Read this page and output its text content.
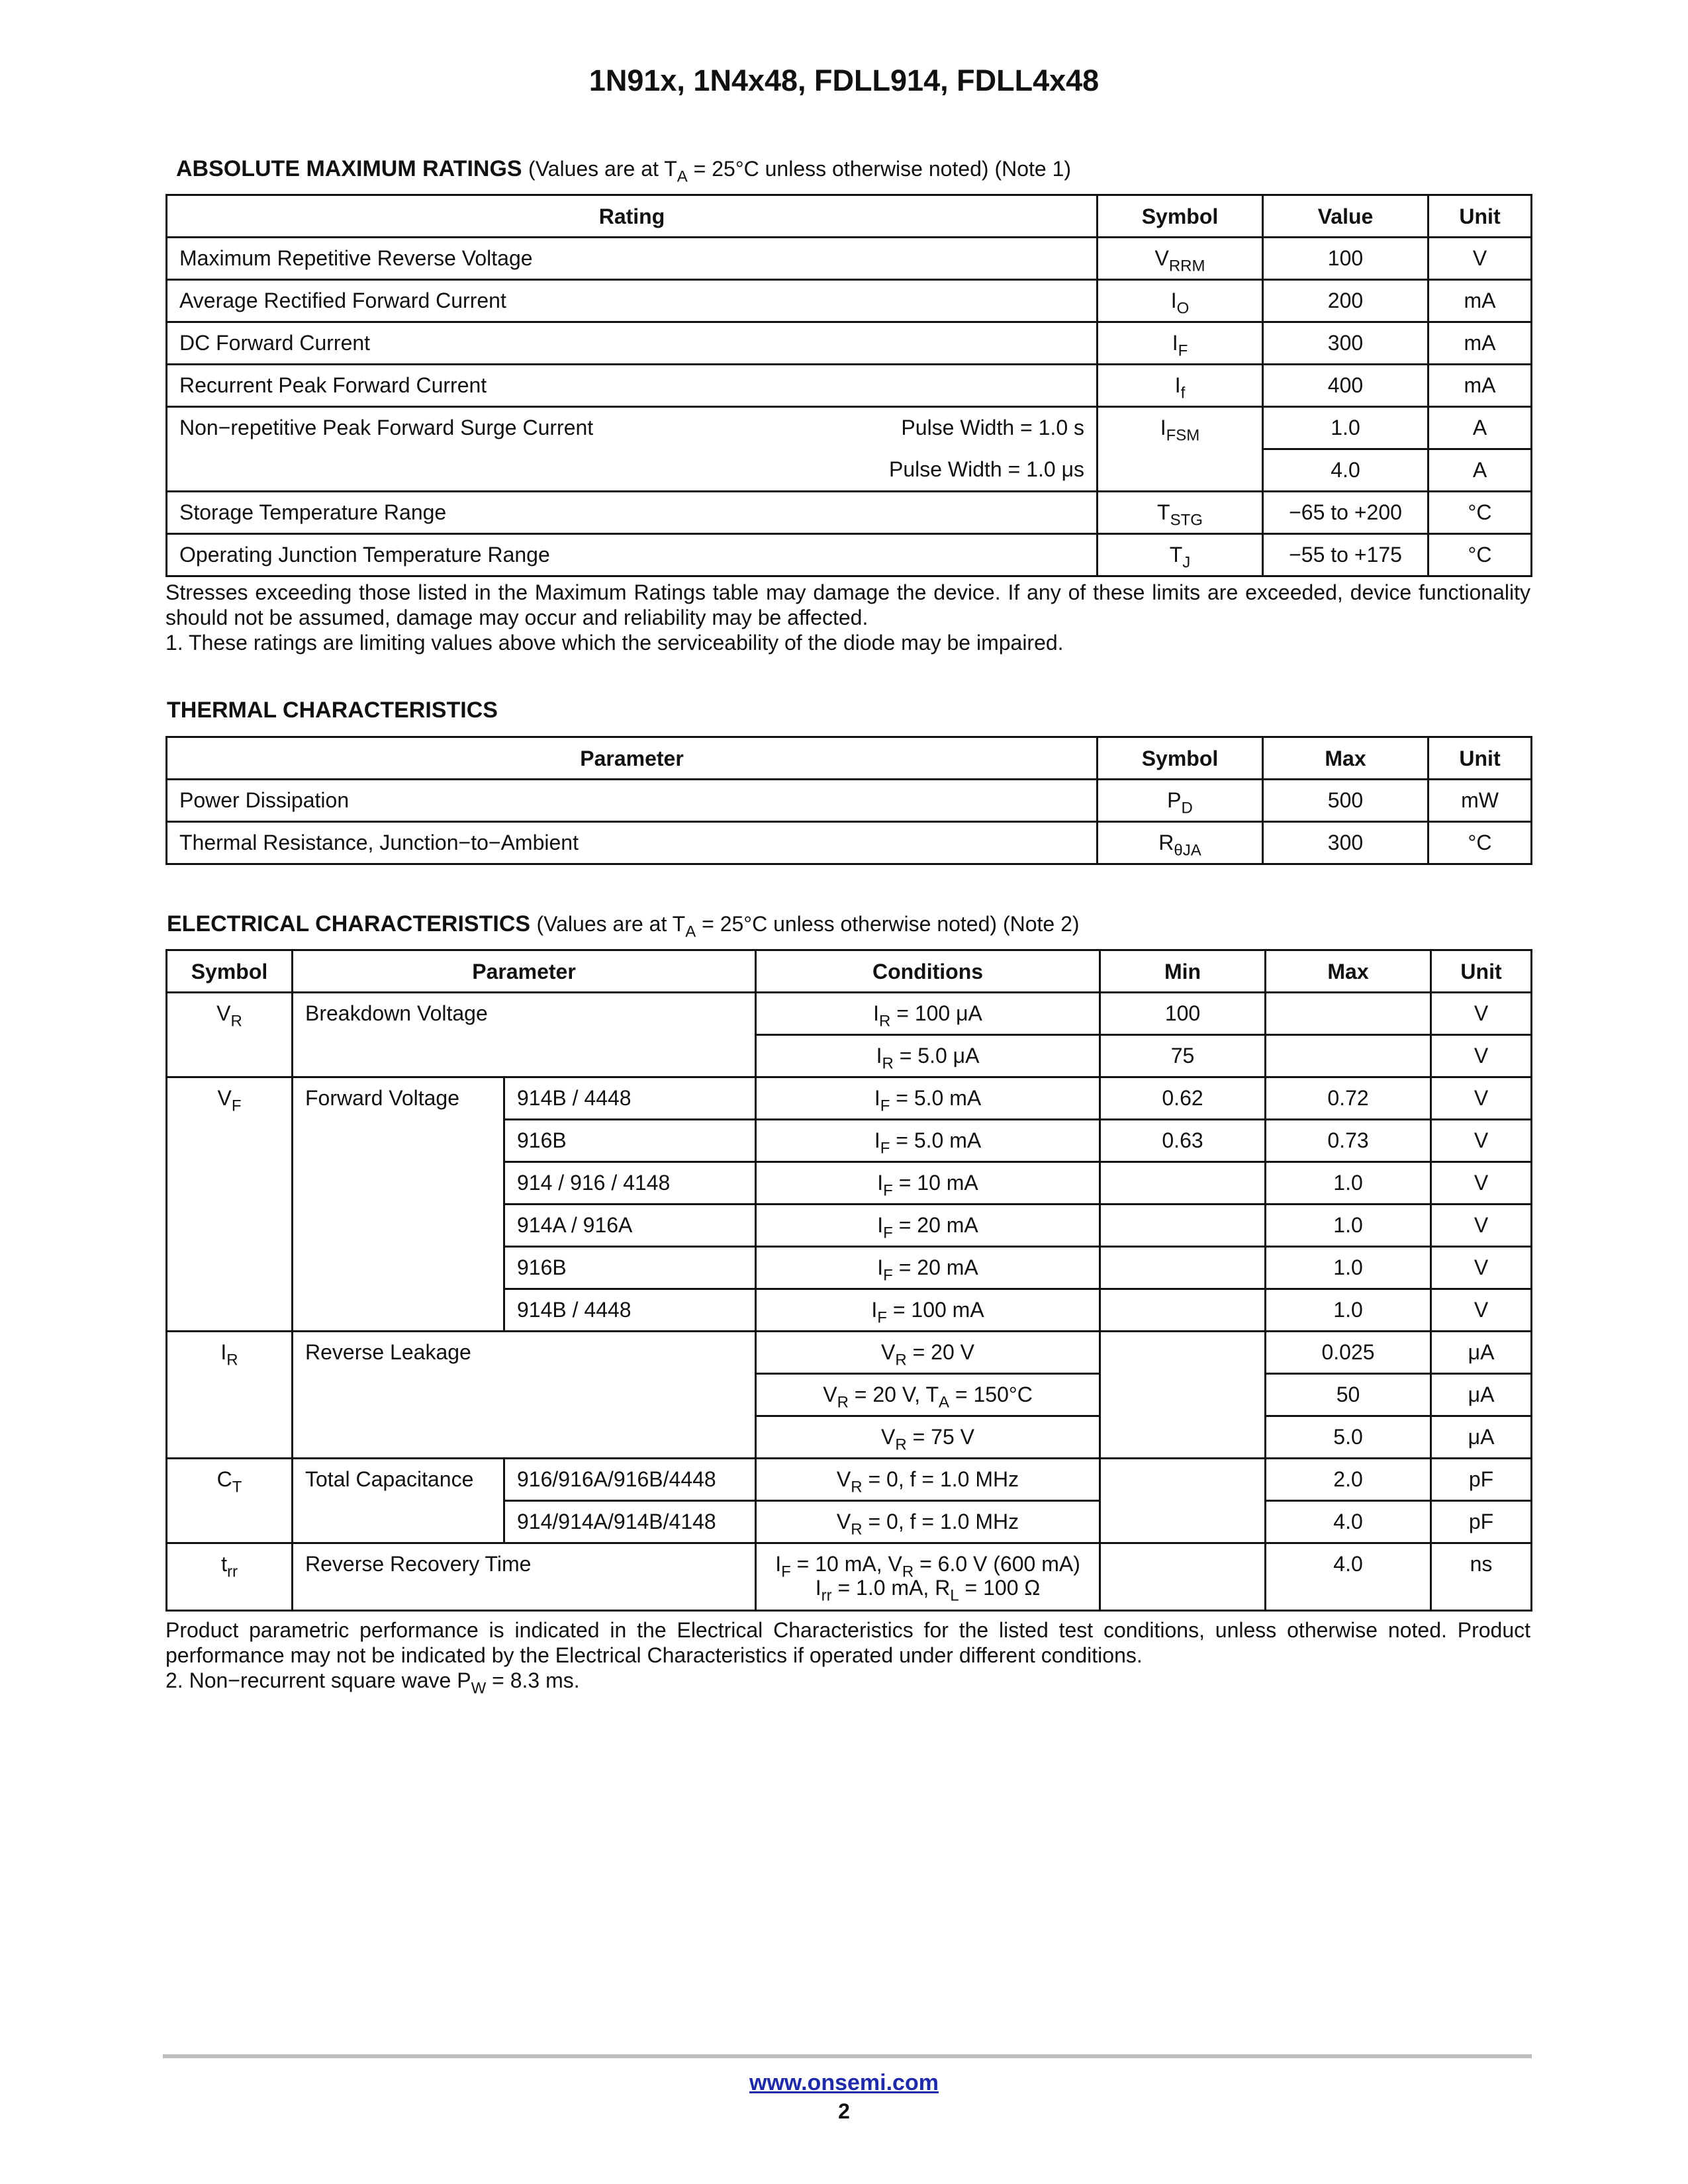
1N91x, 1N4x48, FDLL914, FDLL4x48
ABSOLUTE MAXIMUM RATINGS (Values are at $T_A = 25^\circ C$ unless otherwise noted) (Note 1)
Rating	Symbol	Value	Unit
Maximum Repetitive Reverse Voltage	$V_{RRM}$	100	V
Average Rectified Forward Current	$I_O$	200	mA
DC Forward Current	$I_F$	300	mA
Recurrent Peak Forward Current	$I_f$	400	mA
Non−repetitive Peak Forward Surge Current Pulse Width = 1.0 s	$I_{FSM}$	1.0	A
Pulse Width = 1.0 μs		4.0	A
Storage Temperature Range	$T_{STG}$	−65 to +200	°C
Operating Junction Temperature Range	$T_J$	−55 to +175	°C
Stresses exceeding those listed in the Maximum Ratings table may damage the device. If any of these limits are exceeded, device functionality should not be assumed, damage may occur and reliability may be affected.
1. These ratings are limiting values above which the serviceability of the diode may be impaired.
THERMAL CHARACTERISTICS
Parameter	Symbol	Max	Unit
Power Dissipation	$P_D$	500	mW
Thermal Resistance, Junction−to−Ambient	$R_{\theta JA}$	300	°C
ELECTRICAL CHARACTERISTICS (Values are at $T_A = 25^\circ C$ unless otherwise noted) (Note 2)
Symbol	Parameter		Conditions	Min	Max	Unit
$V_R$	Breakdown Voltage		$I_R = 100$ μA	100		V
			$I_R = 5.0$ μA	75		V
$V_F$	Forward Voltage	914B / 4448	$I_F = 5.0$ mA	0.62	0.72	V
		916B	$I_F = 5.0$ mA	0.63	0.73	V
		914 / 916 / 4148	$I_F = 10$ mA		1.0	V
		914A / 916A	$I_F = 20$ mA		1.0	V
		916B	$I_F = 20$ mA		1.0	V
		914B / 4448	$I_F = 100$ mA		1.0	V
$I_R$	Reverse Leakage		$V_R = 20$ V		0.025	μA
			$V_R = 20$ V, $T_A = 150^\circ C$		50	μA
			$V_R = 75$ V		5.0	μA
$C_T$	Total Capacitance	916/916A/916B/4448	$V_R = 0$, f = 1.0 MHz		2.0	pF
		914/914A/914B/4148	$V_R = 0$, f = 1.0 MHz		4.0	pF
$t_{rr}$	Reverse Recovery Time		$I_F = 10$ mA, $V_R = 6.0$ V (600 mA)
$I_{rr} = 1.0$ mA, $R_L = 100$ Ω		4.0	ns
Product parametric performance is indicated in the Electrical Characteristics for the listed test conditions, unless otherwise noted. Product performance may not be indicated by the Electrical Characteristics if operated under different conditions.
2. Non−recurrent square wave $P_W = 8.3$ ms.
www.onsemi.com
2
